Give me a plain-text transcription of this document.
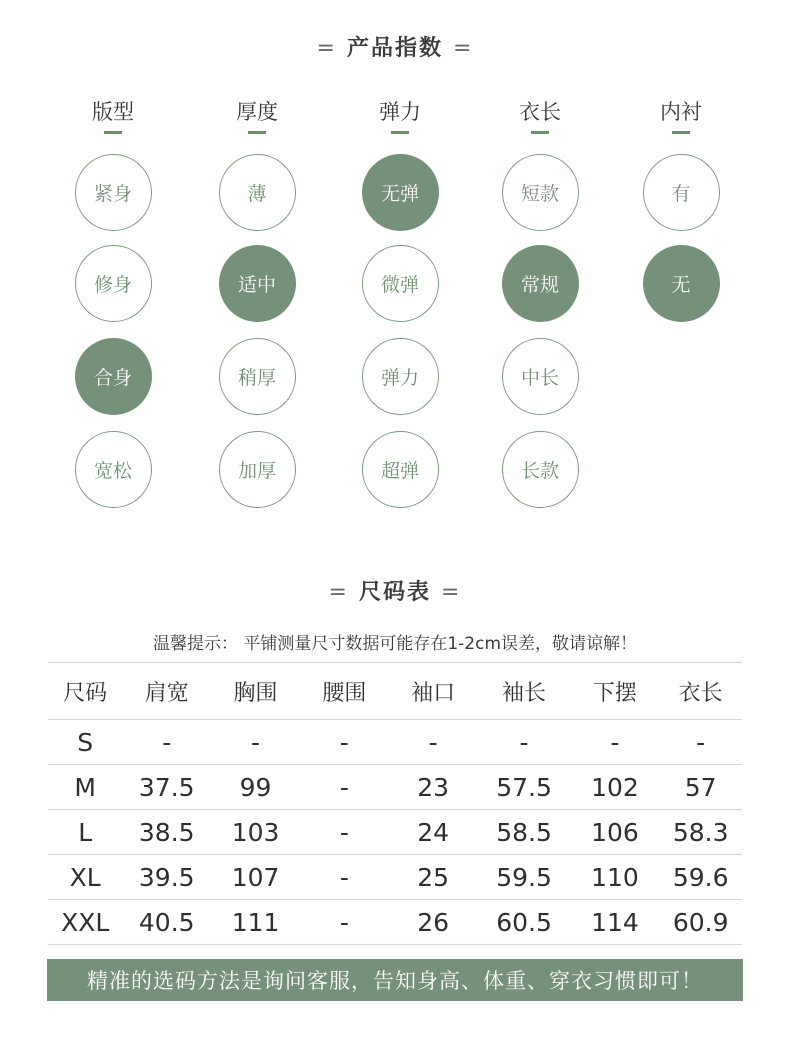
= 产品指数 =
版型
紧身
修身
合身
宽松
厚度
薄
适中
稍厚
加厚
弹力
无弹
微弹
弹力
超弹
衣长
短款
常规
中长
长款
内衬
有
无
= 尺码表 =
温馨提示： 平铺测量尺寸数据可能存在1-2cm误差，敬请谅解！
尺码	肩宽	胸围	腰围	袖口	袖长	下摆	衣长
S	-	-	-	-	-	-	-
M	37.5	99	-	23	57.5	102	57
L	38.5	103	-	24	58.5	106	58.3
XL	39.5	107	-	25	59.5	110	59.6
XXL	40.5	111	-	26	60.5	114	60.9
精准的选码方法是询问客服，告知身高、体重、穿衣习惯即可！
